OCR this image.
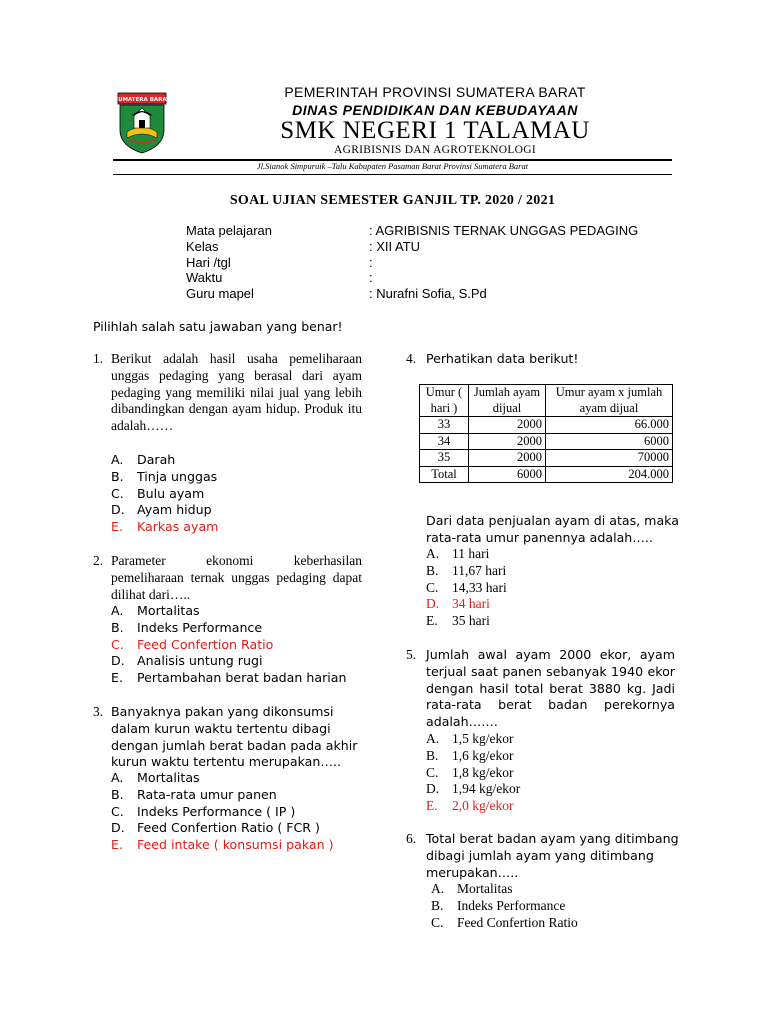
SUMATERA BARAT	PEMERINTAH PROVINSI SUMATERA BARAT
DINAS PENDIDIKAN DAN KEBUDAYAAN
SMK NEGERI 1 TALAMAU
AGRIBISNIS DAN AGROTEKNOLOGI
Jl.Sianok Simpuruik –Talu Kabupaten Pasaman Barat Provinsi Sumatera Barat
SOAL UJIAN SEMESTER GANJIL TP. 2020 / 2021
Mata pelajaran	: AGRIBISNIS TERNAK UNGGAS PEDAGING
Kelas	: XII ATU
Hari /tgl	:
Waktu	:
Guru mapel	: Nurafni Sofia, S.Pd
Pilihlah salah satu jawaban yang benar!
1. Berikut adalah hasil usaha pemeliharaan unggas pedaging yang berasal dari ayam pedaging yang memiliki nilai jual yang lebih dibandingkan dengan ayam hidup. Produk itu adalah……
A. Darah
B. Tinja unggas
C. Bulu ayam
D. Ayam hidup
E. Karkas ayam
2. Parameter ekonomi keberhasilan pemeliharaan ternak unggas pedaging dapat dilihat dari…..
A. Mortalitas
B. Indeks Performance
C. Feed Confertion Ratio
D. Analisis untung rugi
E. Pertambahan berat badan harian
3. Banyaknya pakan yang dikonsumsi
dalam kurun waktu tertentu dibagi
dengan jumlah berat badan pada akhir
kurun waktu tertentu merupakan…..
A. Mortalitas
B. Rata-rata umur panen
C. Indeks Performance ( IP )
D. Feed Confertion Ratio ( FCR )
E. Feed intake ( konsumsi pakan )
4. Perhatikan data berikut!
Umur ( hari )	Jumlah ayam dijual	Umur ayam x jumlah ayam dijual
33	2000	66.000
34	2000	6000
35	2000	70000
Total	6000	204.000
Dari data penjualan ayam di atas, maka
rata-rata umur panennya adalah…..
A. 11 hari
B. 11,67 hari
C. 14,33 hari
D. 34 hari
E. 35 hari
5. Jumlah awal ayam 2000 ekor, ayam terjual saat panen sebanyak 1940 ekor dengan hasil total berat 3880 kg. Jadi rata-rata berat badan perekornya adalah…….
A. 1,5 kg/ekor
B. 1,6 kg/ekor
C. 1,8 kg/ekor
D. 1,94 kg/ekor
E. 2,0 kg/ekor
6. Total berat badan ayam yang ditimbang
dibagi jumlah ayam yang ditimbang
merupakan…..
A. Mortalitas
B. Indeks Performance
C. Feed Confertion Ratio
